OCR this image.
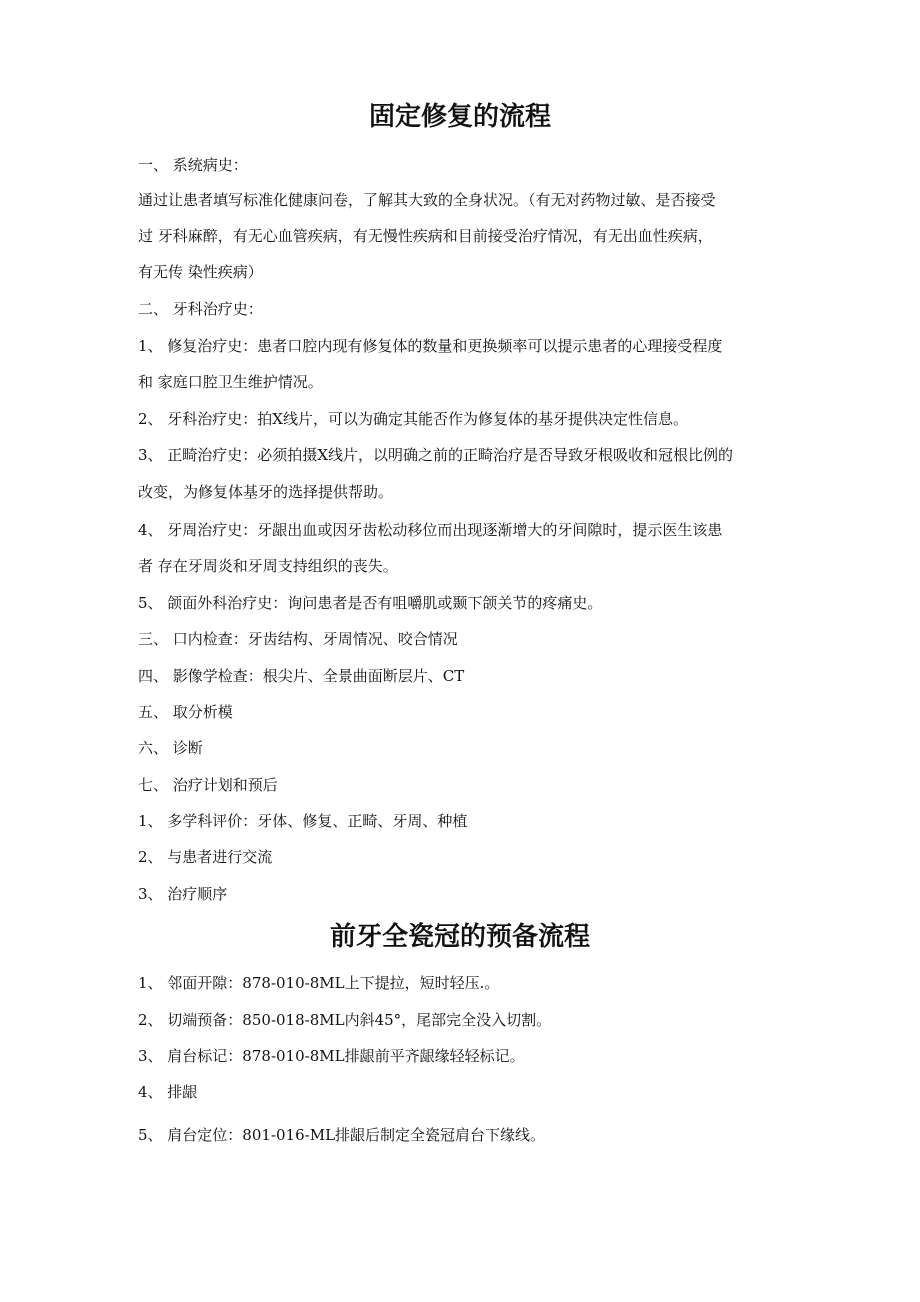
固定修复的流程

一、 系统病史：

通过让患者填写标准化健康问卷，了解其大致的全身状况。（有无对药物过敏、是否接受

过 牙科麻醉，有无心血管疾病，有无慢性疾病和目前接受治疗情况，有无出血性疾病，

有无传 染性疾病）

二、 牙科治疗史：

1、 修复治疗史：患者口腔内现有修复体的数量和更换频率可以提示患者的心理接受程度

和 家庭口腔卫生维护情况。

2、 牙科治疗史：拍X线片，可以为确定其能否作为修复体的基牙提供决定性信息。

3、 正畸治疗史：必须拍摄X线片，以明确之前的正畸治疗是否导致牙根吸收和冠根比例的

改变，为修复体基牙的选择提供帮助。

4、 牙周治疗史：牙龈出血或因牙齿松动移位而出现逐渐增大的牙间隙时，提示医生该患

者 存在牙周炎和牙周支持组织的丧失。

5、 颌面外科治疗史：询问患者是否有咀嚼肌或颞下颌关节的疼痛史。

三、 口内检查：牙齿结构、牙周情况、咬合情况

四、 影像学检查：根尖片、全景曲面断层片、CT

五、 取分析模

六、 诊断

七、 治疗计划和预后

1、 多学科评价：牙体、修复、正畸、牙周、种植

2、 与患者进行交流

3、 治疗顺序

前牙全瓷冠的预备流程

1、 邻面开隙：878-010-8ML上下提拉，短时轻压.。

2、 切端预备：850-018-8ML内斜45°，尾部完全没入切割。

3、 肩台标记：878-010-8ML排龈前平齐龈缘轻轻标记。

4、 排龈

5、 肩台定位：801-016-ML排龈后制定全瓷冠肩台下缘线。
